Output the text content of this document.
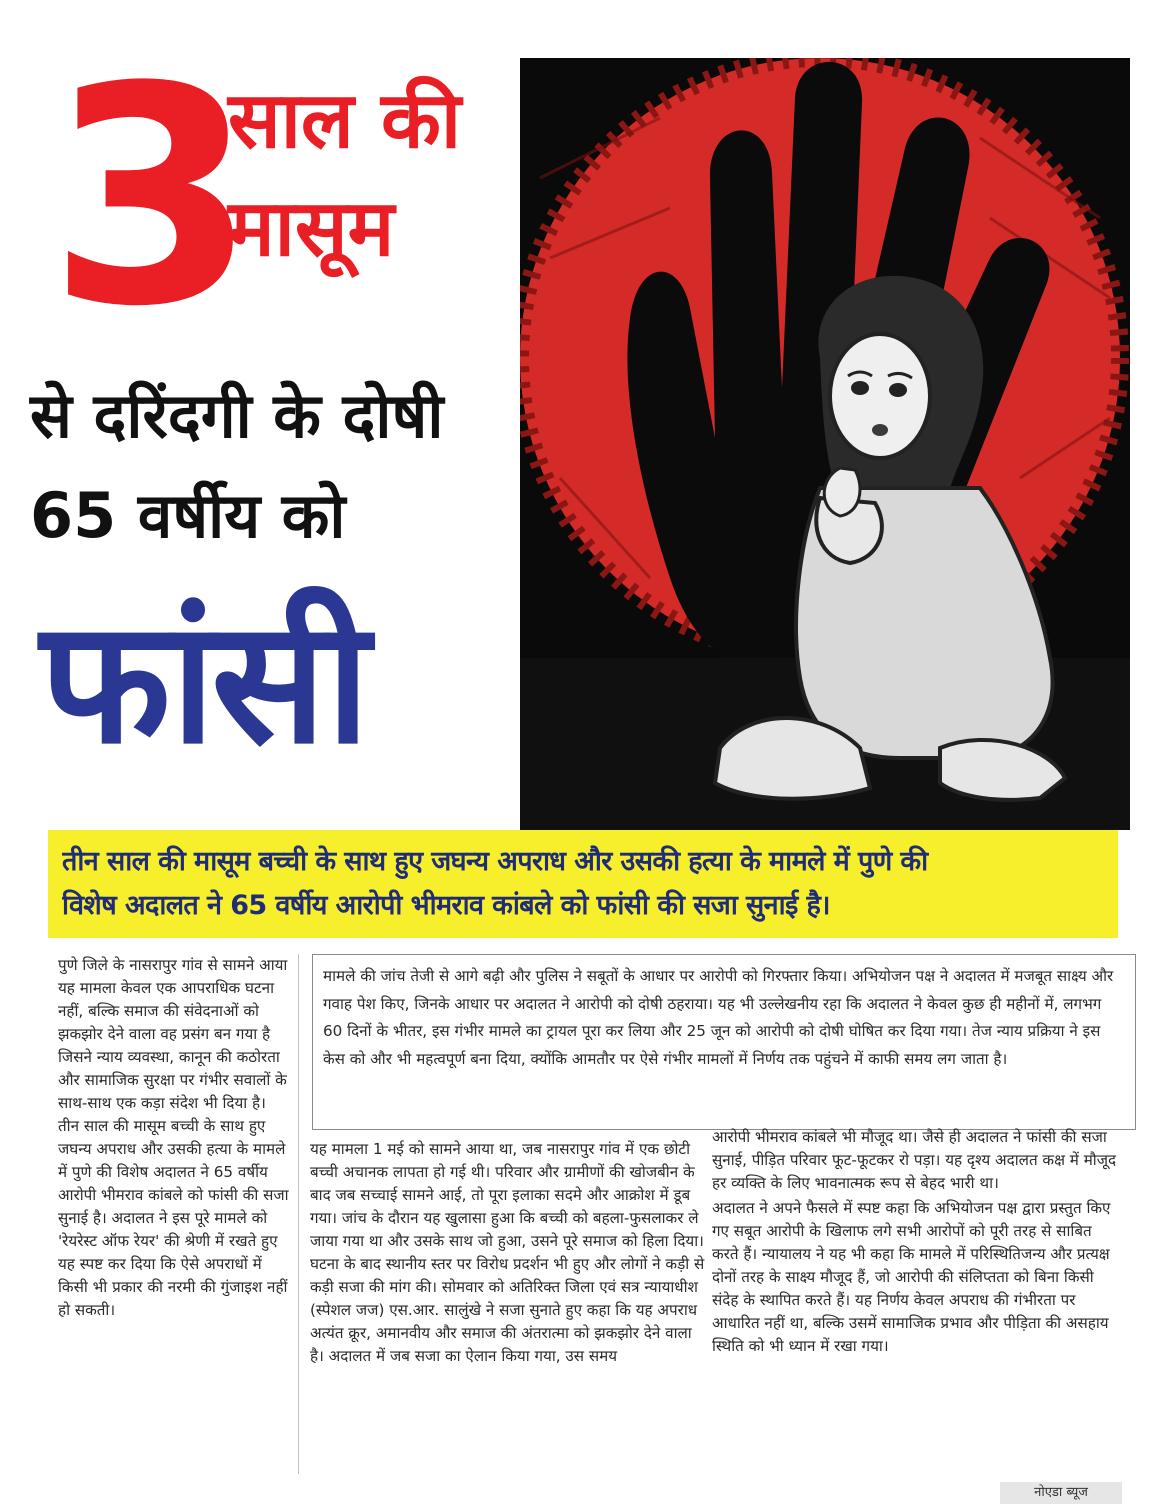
3
साल की
मासूम
से दरिंदगी के दोषी
65 वर्षीय को
फांसी

तीन साल की मासूम बच्ची के साथ हुए जघन्य अपराध और उसकी हत्या के मामले में पुणे की

विशेष अदालत ने 65 वर्षीय आरोपी भीमराव कांबले को फांसी की सजा सुनाई है।

पुणे जिले के नासरापुर गांव से सामने आया यह मामला केवल एक आपराधिक घटना नहीं, बल्कि समाज की संवेदनाओं को झकझोर देने वाला वह प्रसंग बन गया है जिसने न्याय व्यवस्था, कानून की कठोरता और सामाजिक सुरक्षा पर गंभीर सवालों के साथ-साथ एक कड़ा संदेश भी दिया है। तीन साल की मासूम बच्ची के साथ हुए जघन्य अपराध और उसकी हत्या के मामले में पुणे की विशेष अदालत ने 65 वर्षीय आरोपी भीमराव कांबले को फांसी की सजा सुनाई है। अदालत ने इस पूरे मामले को 'रेयरेस्ट ऑफ रेयर' की श्रेणी में रखते हुए यह स्पष्ट कर दिया कि ऐसे अपराधों में किसी भी प्रकार की नरमी की गुंजाइश नहीं हो सकती।

मामले की जांच तेजी से आगे बढ़ी और पुलिस ने सबूतों के आधार पर आरोपी को गिरफ्तार किया। अभियोजन पक्ष ने अदालत में मजबूत साक्ष्य और गवाह पेश किए, जिनके आधार पर अदालत ने आरोपी को दोषी ठहराया। यह भी उल्लेखनीय रहा कि अदालत ने केवल कुछ ही महीनों में, लगभग 60 दिनों के भीतर, इस गंभीर मामले का ट्रायल पूरा कर लिया और 25 जून को आरोपी को दोषी घोषित कर दिया गया। तेज न्याय प्रक्रिया ने इस केस को और भी महत्वपूर्ण बना दिया, क्योंकि आमतौर पर ऐसे गंभीर मामलों में निर्णय तक पहुंचने में काफी समय लग जाता है।

यह मामला 1 मई को सामने आया था, जब नासरापुर गांव में एक छोटी बच्ची अचानक लापता हो गई थी। परिवार और ग्रामीणों की खोजबीन के बाद जब सच्चाई सामने आई, तो पूरा इलाका सदमे और आक्रोश में डूब गया। जांच के दौरान यह खुलासा हुआ कि बच्ची को बहला-फुसलाकर ले जाया गया था और उसके साथ जो हुआ, उसने पूरे समाज को हिला दिया। घटना के बाद स्थानीय स्तर पर विरोध प्रदर्शन भी हुए और लोगों ने कड़ी से कड़ी सजा की मांग की। सोमवार को अतिरिक्त जिला एवं सत्र न्यायाधीश (स्पेशल जज) एस.आर. सालुंखे ने सजा सुनाते हुए कहा कि यह अपराध अत्यंत क्रूर, अमानवीय और समाज की अंतरात्मा को झकझोर देने वाला है। अदालत में जब सजा का ऐलान किया गया, उस समय

आरोपी भीमराव कांबले भी मौजूद था। जैसे ही अदालत ने फांसी की सजा सुनाई, पीड़ित परिवार फूट-फूटकर रो पड़ा। यह दृश्य अदालत कक्ष में मौजूद हर व्यक्ति के लिए भावनात्मक रूप से बेहद भारी था।

अदालत ने अपने फैसले में स्पष्ट कहा कि अभियोजन पक्ष द्वारा प्रस्तुत किए गए सबूत आरोपी के खिलाफ लगे सभी आरोपों को पूरी तरह से साबित करते हैं। न्यायालय ने यह भी कहा कि मामले में परिस्थितिजन्य और प्रत्यक्ष दोनों तरह के साक्ष्य मौजूद हैं, जो आरोपी की संलिप्तता को बिना किसी संदेह के स्थापित करते हैं। यह निर्णय केवल अपराध की गंभीरता पर आधारित नहीं था, बल्कि उसमें सामाजिक प्रभाव और पीड़िता की असहाय स्थिति को भी ध्यान में रखा गया।

नोएडा ब्यूज
